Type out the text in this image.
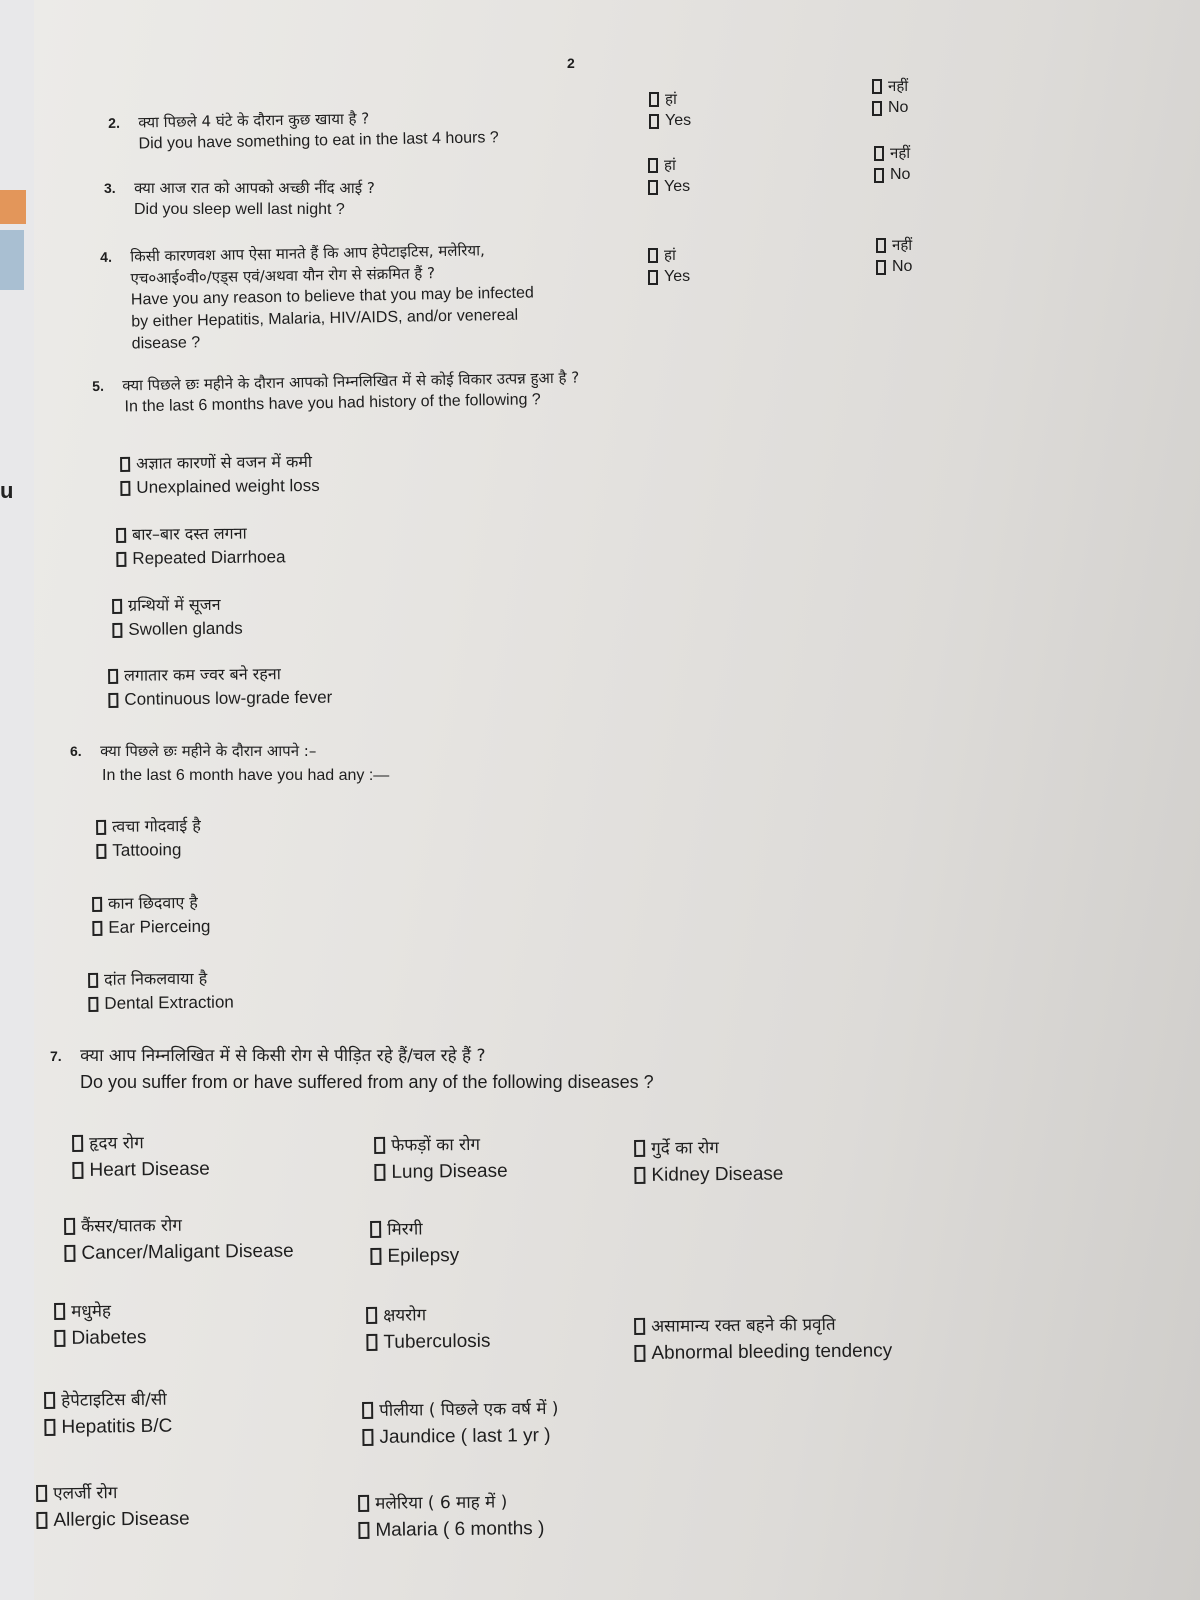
u
2
2. क्या पिछले 4 घंटे के दौरान कुछ खाया है ?
Did you have something to eat in the last 4 hours ?
हां
Yes
नहीं
No
3. क्या आज रात को आपको अच्छी नींद आई ?
Did you sleep well last night ?
हां
Yes
नहीं
No
4. किसी कारणवश आप ऐसा मानते हैं कि आप हेपेटाइटिस, मलेरिया,
एच०आई०वी०/एड्स एवं/अथवा यौन रोग से संक्रमित हैं ?
Have you any reason to believe that you may be infected
by either Hepatitis, Malaria, HIV/AIDS, and/or venereal
disease ?
हां
Yes
नहीं
No
5. क्या पिछले छः महीने के दौरान आपको निम्नलिखित में से कोई विकार उत्पन्न हुआ है ?
In the last 6 months have you had history of the following ?
अज्ञात कारणों से वजन में कमी
Unexplained weight loss
बार–बार दस्त लगना
Repeated Diarrhoea
ग्रन्थियों में सूजन
Swollen glands
लगातार कम ज्वर बने रहना
Continuous low-grade fever
6. क्या पिछले छः महीने के दौरान आपने :–
In the last 6 month have you had any :—
त्वचा गोदवाई है
Tattooing
कान छिदवाए है
Ear Pierceing
दांत निकलवाया है
Dental Extraction
7. क्या आप निम्नलिखित में से किसी रोग से पीड़ित रहे हैं/चल रहे हैं ?
Do you suffer from or have suffered from any of the following diseases ?
हृदय रोग
Heart Disease
फेफड़ों का रोग
Lung Disease
गुर्दे का रोग
Kidney Disease
कैंसर/घातक रोग
Cancer/Maligant Disease
मिरगी
Epilepsy
मधुमेह
Diabetes
क्षयरोग
Tuberculosis
असामान्य रक्त बहने की प्रवृति
Abnormal bleeding tendency
हेपेटाइटिस बी/सी
Hepatitis B/C
पीलीया ( पिछले एक वर्ष में )
Jaundice ( last 1 yr )
एलर्जी रोग
Allergic Disease
मलेरिया ( 6 माह में )
Malaria ( 6 months )
